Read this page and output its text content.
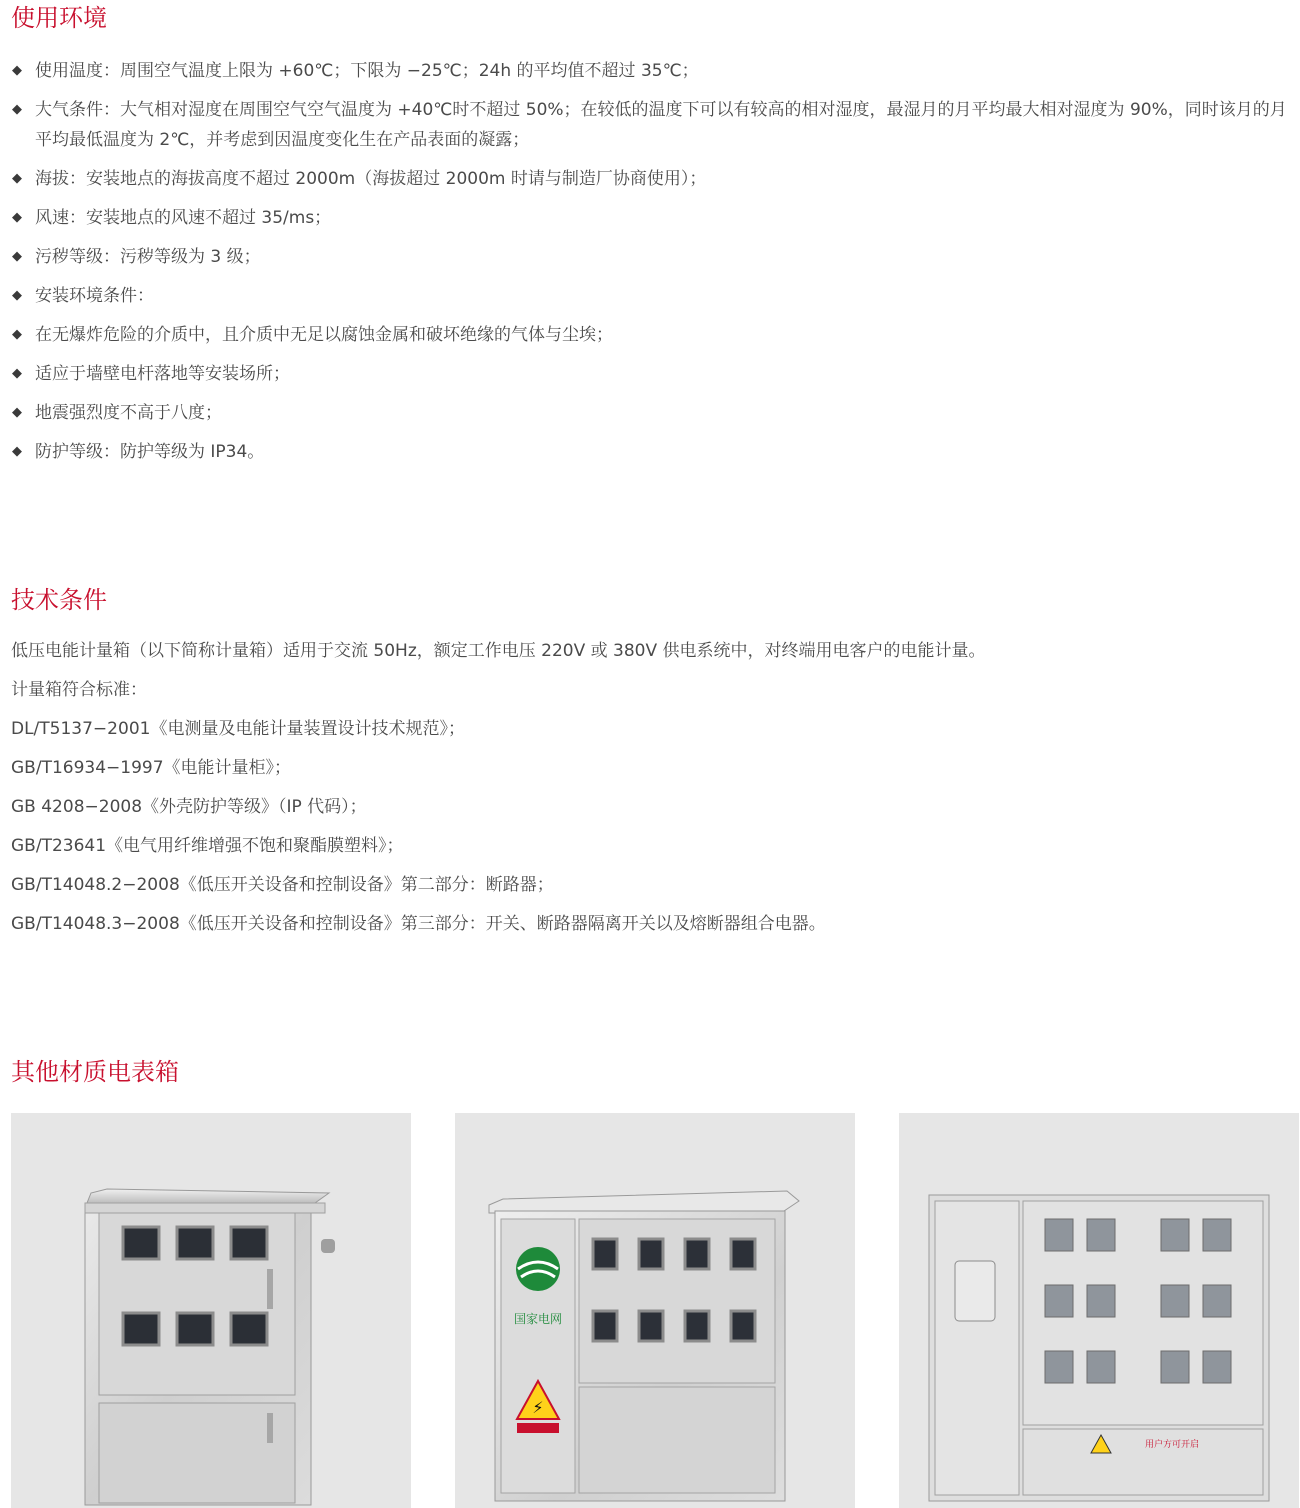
使用环境
◆ 使用温度：周围空气温度上限为 +60℃；下限为 −25℃；24h 的平均值不超过 35℃；
◆ 大气条件：大气相对湿度在周围空气空气温度为 +40℃时不超过 50%；在较低的温度下可以有较高的相对湿度，最湿月的月平均最大相对湿度为 90%，同时该月的月平均最低温度为 2℃，并考虑到因温度变化生在产品表面的凝露；
◆ 海拔：安装地点的海拔高度不超过 2000m（海拔超过 2000m 时请与制造厂协商使用）；
◆ 风速：安装地点的风速不超过 35/ms；
◆ 污秽等级：污秽等级为 3 级；
◆ 安装环境条件：
◆ 在无爆炸危险的介质中，且介质中无足以腐蚀金属和破坏绝缘的气体与尘埃；
◆ 适应于墙壁电杆落地等安装场所；
◆ 地震强烈度不高于八度；
◆ 防护等级：防护等级为 IP34。
技术条件

低压电能计量箱（以下简称计量箱）适用于交流 50Hz，额定工作电压 220V 或 380V 供电系统中，对终端用电客户的电能计量。

计量箱符合标准：

DL/T5137−2001《电测量及电能计量装置设计技术规范》；

GB/T16934−1997《电能计量柜》；

GB 4208−2008《外壳防护等级》（IP 代码）；

GB/T23641《电气用纤维增强不饱和聚酯膜塑料》；

GB/T14048.2−2008《低压开关设备和控制设备》第二部分：断路器；

GB/T14048.3−2008《低压开关设备和控制设备》第三部分：开关、断路器隔离开关以及熔断器组合电器。

其他材质电表箱
国家电网
⚡
用户方可开启
